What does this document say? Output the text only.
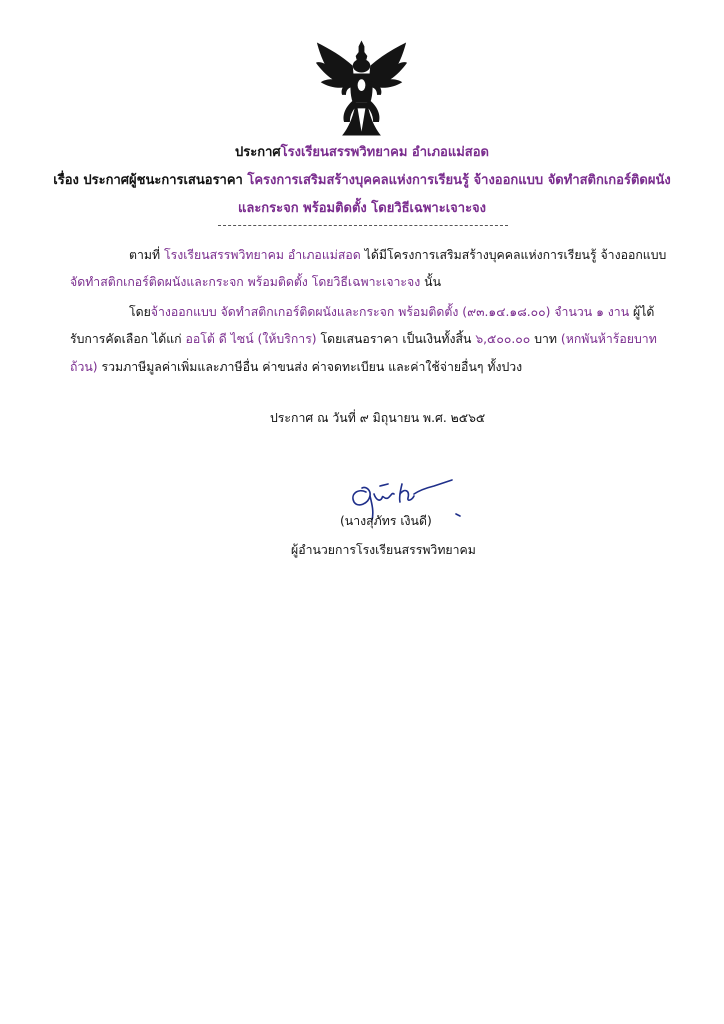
ประกาศโรงเรียนสรรพวิทยาคม อำเภอแม่สอด
เรื่อง ประกาศผู้ชนะการเสนอราคา โครงการเสริมสร้างบุคคลแห่งการเรียนรู้ จ้างออกแบบ จัดทำสติกเกอร์ติดผนัง
และกระจก พร้อมติดตั้ง โดยวิธีเฉพาะเจาะจง
ตามที่ โรงเรียนสรรพวิทยาคม อำเภอแม่สอด ได้มีโครงการเสริมสร้างบุคคลแห่งการเรียนรู้ จ้างออกแบบ
จัดทำสติกเกอร์ติดผนังและกระจก พร้อมติดตั้ง โดยวิธีเฉพาะเจาะจง นั้น
โดยจ้างออกแบบ จัดทำสติกเกอร์ติดผนังและกระจก พร้อมติดตั้ง (๙๓.๑๔.๑๘.๐๐) จำนวน ๑ งาน ผู้ได้
รับการคัดเลือก ได้แก่ ออโต้ ดี ไซน์ (ให้บริการ) โดยเสนอราคา เป็นเงินทั้งสิ้น ๖,๕๐๐.๐๐ บาท (หกพันห้าร้อยบาท
ถ้วน) รวมภาษีมูลค่าเพิ่มและภาษีอื่น ค่าขนส่ง ค่าจดทะเบียน และค่าใช้จ่ายอื่นๆ ทั้งปวง
ประกาศ ณ วันที่ ๙ มิถุนายน พ.ศ. ๒๕๖๕
(นางสุภัทร เงินดี)
ผู้อำนวยการโรงเรียนสรรพวิทยาคม
